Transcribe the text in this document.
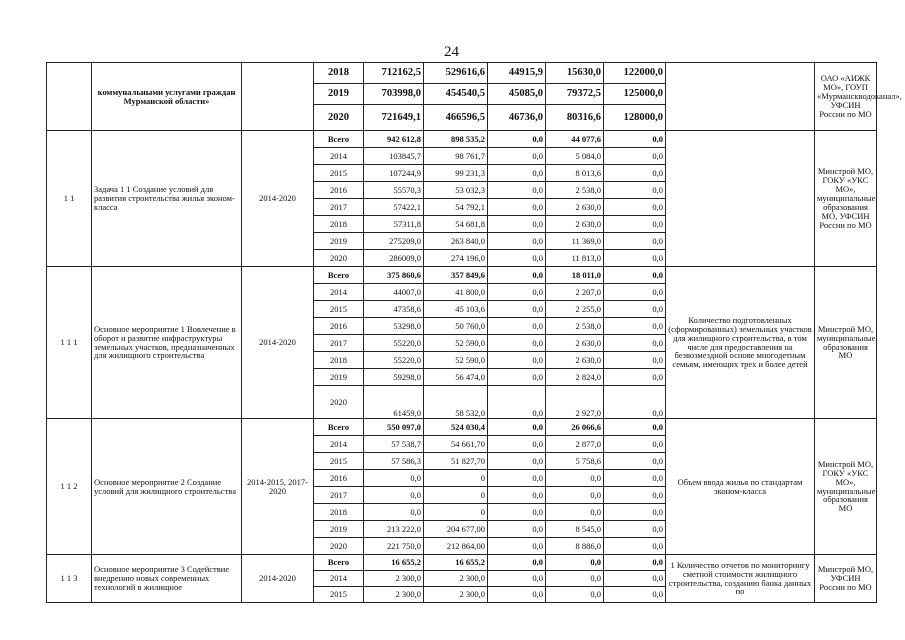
24
	коммунальными услугами граждан Мурманской области»		2018	712162,5	529616,6	44915,9	15630,0	122000,0		ОАО «АИЖК МО», ГОУП «Мурманскводоканал», УФСИН России по МО
			2019	703998,0	454540,5	45085,0	79372,5	125000,0		
			2020	721649,1	466596,5	46736,0	80316,6	128000,0		
1 1	Задача 1 1 Создание условий для развития строительства жилья эконом-класса	2014-2020	Всего	942 612,8	898 535,2	0,0	44 077,6	0,0		Минстрой МО, ГОКУ «УКС МО», муниципальные образования МО, УФСИН России по МО
			2014	103845,7	98 761,7	0,0	5 084,0	0,0		
			2015	107244,9	99 231,3	0,0	8 013,6	0,0		
			2016	55570,3	53 032,3	0,0	2 538,0	0,0		
			2017	57422,1	54 792,1	0,0	2 630,0	0,0		
			2018	57311,8	54 681,8	0,0	2 630,0	0,0		
			2019	275209,0	263 840,0	0,0	11 369,0	0,0		
			2020	286009,0	274 196,0	0,0	11 813,0	0,0		
1 1 1	Основное мероприятие 1 Вовлечение в оборот и развитие инфраструктуры земельных участков, предназначенных для жилищного строительства	2014-2020	Всего	375 860,6	357 849,6	0,0	18 011,0	0,0	Количество подготовленных (сформированных) земельных участков для жилищного строительства, в том числе для предоставления на безвозмездной основе многодетным семьям, имеющих трех и более детей	Минстрой МО, муниципальные образования МО
			2014	44007,0	41 800,0	0,0	2 207,0	0,0		
			2015	47358,6	45 103,6	0,0	2 255,0	0,0		
			2016	53298,0	50 760,0	0,0	2 538,0	0,0		
			2017	55220,0	52 590,0	0,0	2 630,0	0,0		
			2018	55220,0	52 590,0	0,0	2 630,0	0,0		
			2019	59298,0	56 474,0	0,0	2 824,0	0,0		
			2020	61459,0	58 532,0	0,0	2 927,0	0,0		
1 1 2	Основное мероприятие 2 Создание условий для жилищного строительства	2014-2015, 2017-2020	Всего	550 097,0	524 030,4	0,0	26 066,6	0,0	Объем ввода жилья по стандартам эконом-класса	Минстрой МО, ГОКУ «УКС МО», муниципальные образования МО
			2014	57 538,7	54 661,70	0,0	2 877,0	0,0		
			2015	57 586,3	51 827,70	0,0	5 758,6	0,0		
			2016	0,0	0	0,0	0,0	0,0		
			2017	0,0	0	0,0	0,0	0,0		
			2018	0,0	0	0,0	0,0	0,0		
			2019	213 222,0	204 677,00	0,0	8 545,0	0,0		
			2020	221 750,0	212 864,00	0,0	8 886,0	0,0		
1 1 3	Основное мероприятие 3 Содействие внедрению новых современных технологий в жилищное	2014-2020	Всего	16 655,2	16 655,2	0,0	0,0	0,0	1 Количество отчетов по мониторингу сметной стоимости жилищного строительства, созданию банка данных по	Минстрой МО, УФСИН России по МО
			2014	2 300,0	2 300,0	0,0	0,0	0,0		
			2015	2 300,0	2 300,0	0,0	0,0	0,0		
